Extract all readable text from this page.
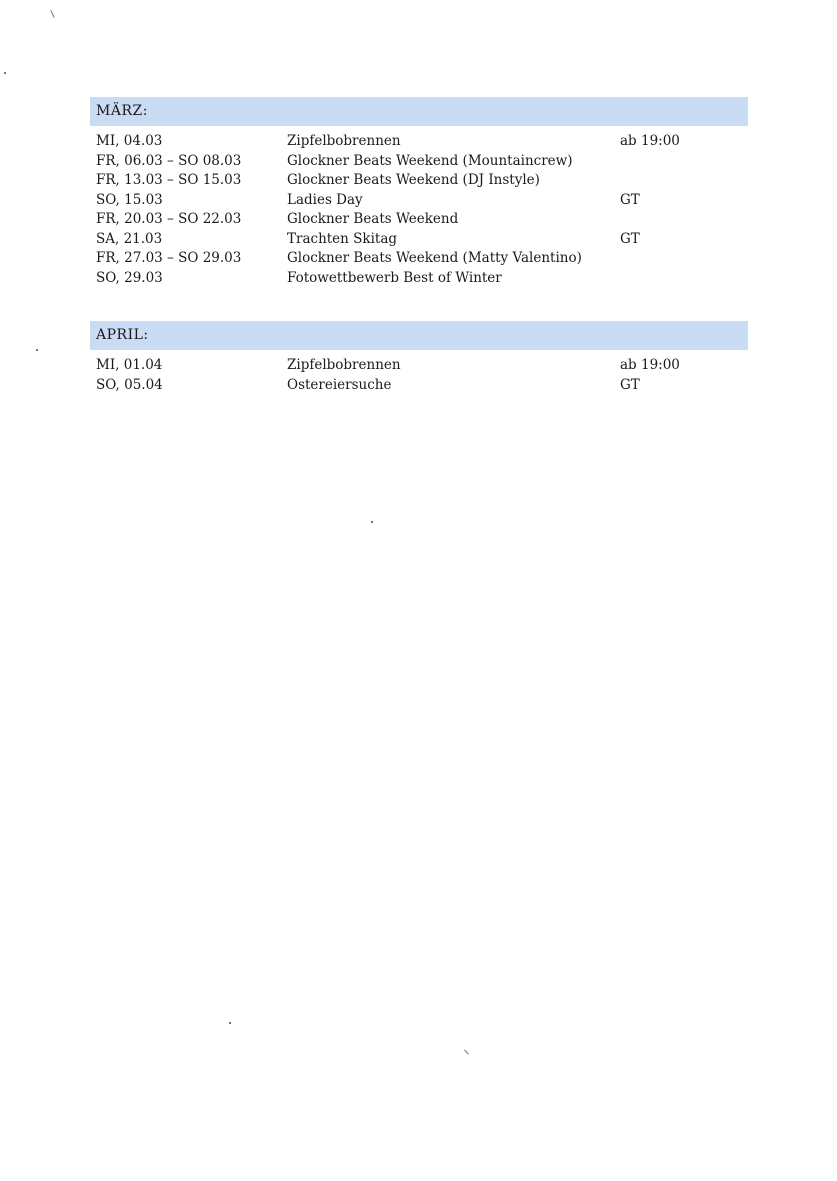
MÄRZ:
MI, 04.03	Zipfelbobrennen	ab 19:00
FR, 06.03 – SO 08.03	Glockner Beats Weekend (Mountaincrew)
FR, 13.03 – SO 15.03	Glockner Beats Weekend (DJ Instyle)
SO, 15.03	Ladies Day	GT
FR, 20.03 – SO 22.03	Glockner Beats Weekend
SA, 21.03	Trachten Skitag	GT
FR, 27.03 – SO 29.03	Glockner Beats Weekend (Matty Valentino)
SO, 29.03	Fotowettbewerb Best of Winter
APRIL:
MI, 01.04	Zipfelbobrennen	ab 19:00
SO, 05.04	Ostereiersuche	GT
